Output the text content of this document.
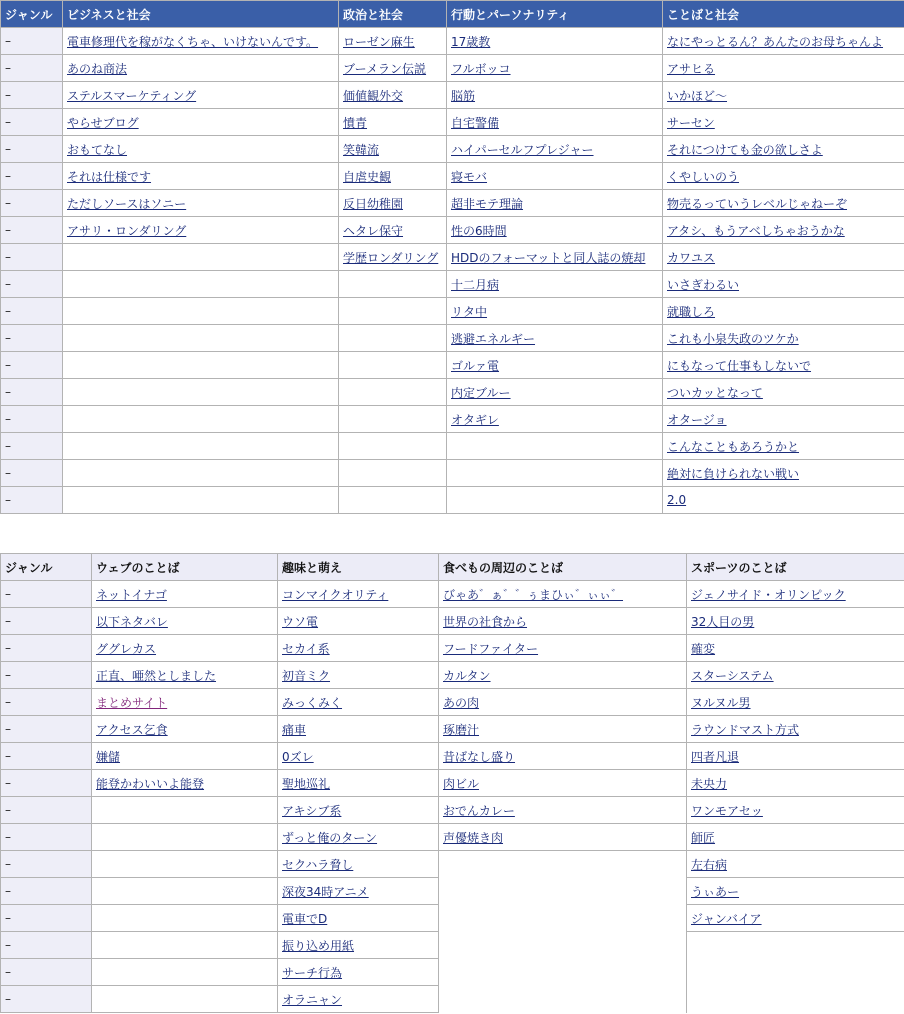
ジャンル	ビジネスと社会	政治と社会	行動とパーソナリティ	ことばと社会
–	電車修理代を稼がなくちゃ、いけないんです。	ローゼン麻生	17歳教	なにやっとるん？あんたのお母ちゃんよ
–	あのね商法	ブーメラン伝説	フルボッコ	アサヒる
–	ステルスマーケティング	価値観外交	脳筋	いかほど〜
–	やらせブログ	憤青	自宅警備	サーセン
–	おもてなし	笑韓流	ハイパーセルフプレジャー	それにつけても金の欲しさよ
–	それは仕様です	自虐史観	寝モバ	くやしいのう
–	ただしソースはソニー	反日幼稚園	超非モテ理論	物売るっていうレベルじゃねーぞ
–	アサリ・ロンダリング	ヘタレ保守	性の6時間	アタシ、もうアベしちゃおうかな
–		学歴ロンダリング	HDDのフォーマットと同人誌の焼却	カワユス
–			十二月病	いさぎわるい
–			リタ中	就職しろ
–			逃避エネルギー	これも小泉失政のツケか
–			ゴルァ電	にもなって仕事もしないで
–			内定ブルー	ついカッとなって
–			オタギレ	オタージョ
–				こんなこともあろうかと
–				絶対に負けられない戦い
–				2.0
ジャンル	ウェブのことば	趣味と萌え	食べもの周辺のことば	スポーツのことば
–	ネットイナゴ	コンマイクオリティ	びゃあ゛ぁ゛゛ぅまひぃ゛ぃぃ゛	ジェノサイド・オリンピック
–	以下ネタバレ	ウソ電	世界の社食から	32人目の男
–	ググレカス	セカイ系	フードファイター	確変
–	正直、唖然としました	初音ミク	カルタン	スターシステム
–	まとめサイト	みっくみく	あの肉	ヌルヌル男
–	アクセス乞食	痛車	琢磨汁	ラウンドマスト方式
–	嫌儲	0ズレ	昔ばなし盛り	四者凡退
–	能登かわいいよ能登	聖地巡礼	肉ビル	未央力
–		アキシブ系	おでんカレー	ワンモアセッ
–		ずっと俺のターン	声優焼き肉	師匠
–		セクハラ脅し		左右病
–		深夜34時アニメ		うぃあー
–		電車でD		ジャンバイア
–		振り込め用紙		
–		サーチ行為		
–		オラニャン		
